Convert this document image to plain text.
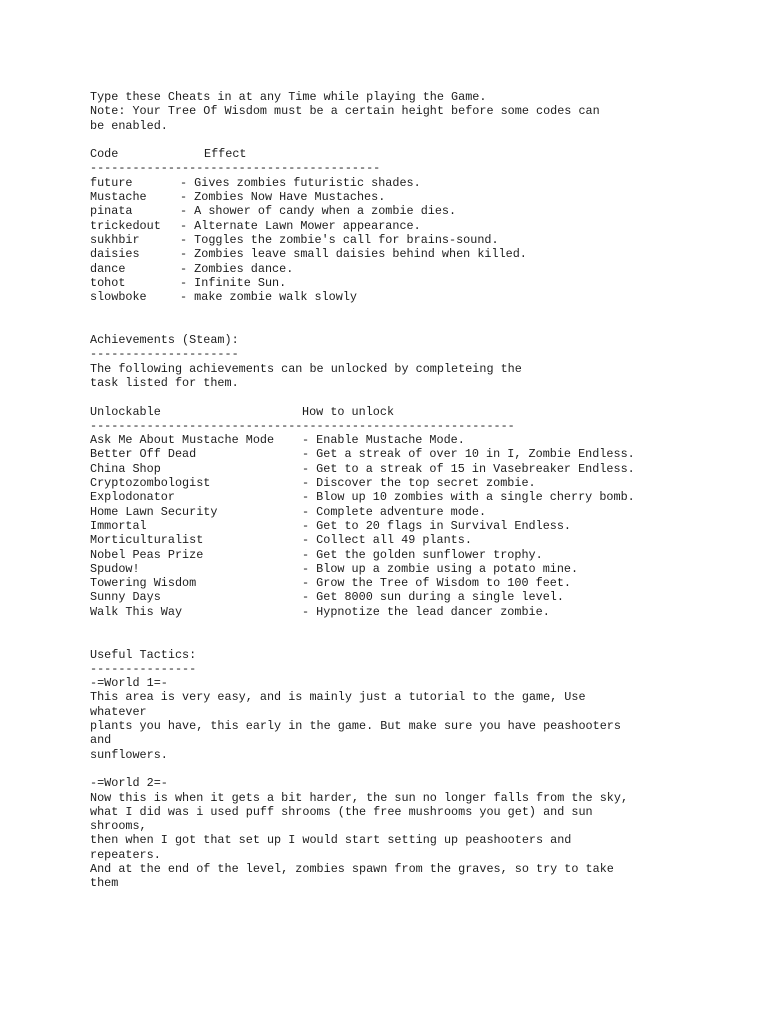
Type these Cheats in at any Time while playing the Game.
Note: Your Tree Of Wisdom must be a certain height before some codes can
be enabled.
Code	Effect
-----------------------------------------
future	- Gives zombies futuristic shades.
Mustache	- Zombies Now Have Mustaches.
pinata	- A shower of candy when a zombie dies.
trickedout - Alternate Lawn Mower appearance.
sukhbir	- Toggles the zombie's call for brains-sound.
daisies	- Zombies leave small daisies behind when killed.
dance	- Zombies dance.
tohot	- Infinite Sun.
slowboke	- make zombie walk slowly
Achievements (Steam):
---------------------
The following achievements can be unlocked by completeing the
task listed for them.
Unlockable	How to unlock
------------------------------------------------------------
Ask Me About Mustache Mode - Enable Mustache Mode.
Better Off Dead	- Get a streak of over 10 in I, Zombie Endless.
China Shop	- Get to a streak of 15 in Vasebreaker Endless.
Cryptozombologist	- Discover the top secret zombie.
Explodonator	- Blow up 10 zombies with a single cherry bomb.
Home Lawn Security	- Complete adventure mode.
Immortal	- Get to 20 flags in Survival Endless.
Morticulturalist	- Collect all 49 plants.
Nobel Peas Prize	- Get the golden sunflower trophy.
Spudow!	- Blow up a zombie using a potato mine.
Towering Wisdom	- Grow the Tree of Wisdom to 100 feet.
Sunny Days	- Get 8000 sun during a single level.
Walk This Way	- Hypnotize the lead dancer zombie.
Useful Tactics:
---------------
-=World 1=-
This area is very easy, and is mainly just a tutorial to the game, Use
whatever
plants you have, this early in the game. But make sure you have peashooters
and
sunflowers.
-=World 2=-
Now this is when it gets a bit harder, the sun no longer falls from the sky,
what I did was i used puff shrooms (the free mushrooms you get) and sun
shrooms,
then when I got that set up I would start setting up peashooters and
repeaters.
And at the end of the level, zombies spawn from the graves, so try to take
them
